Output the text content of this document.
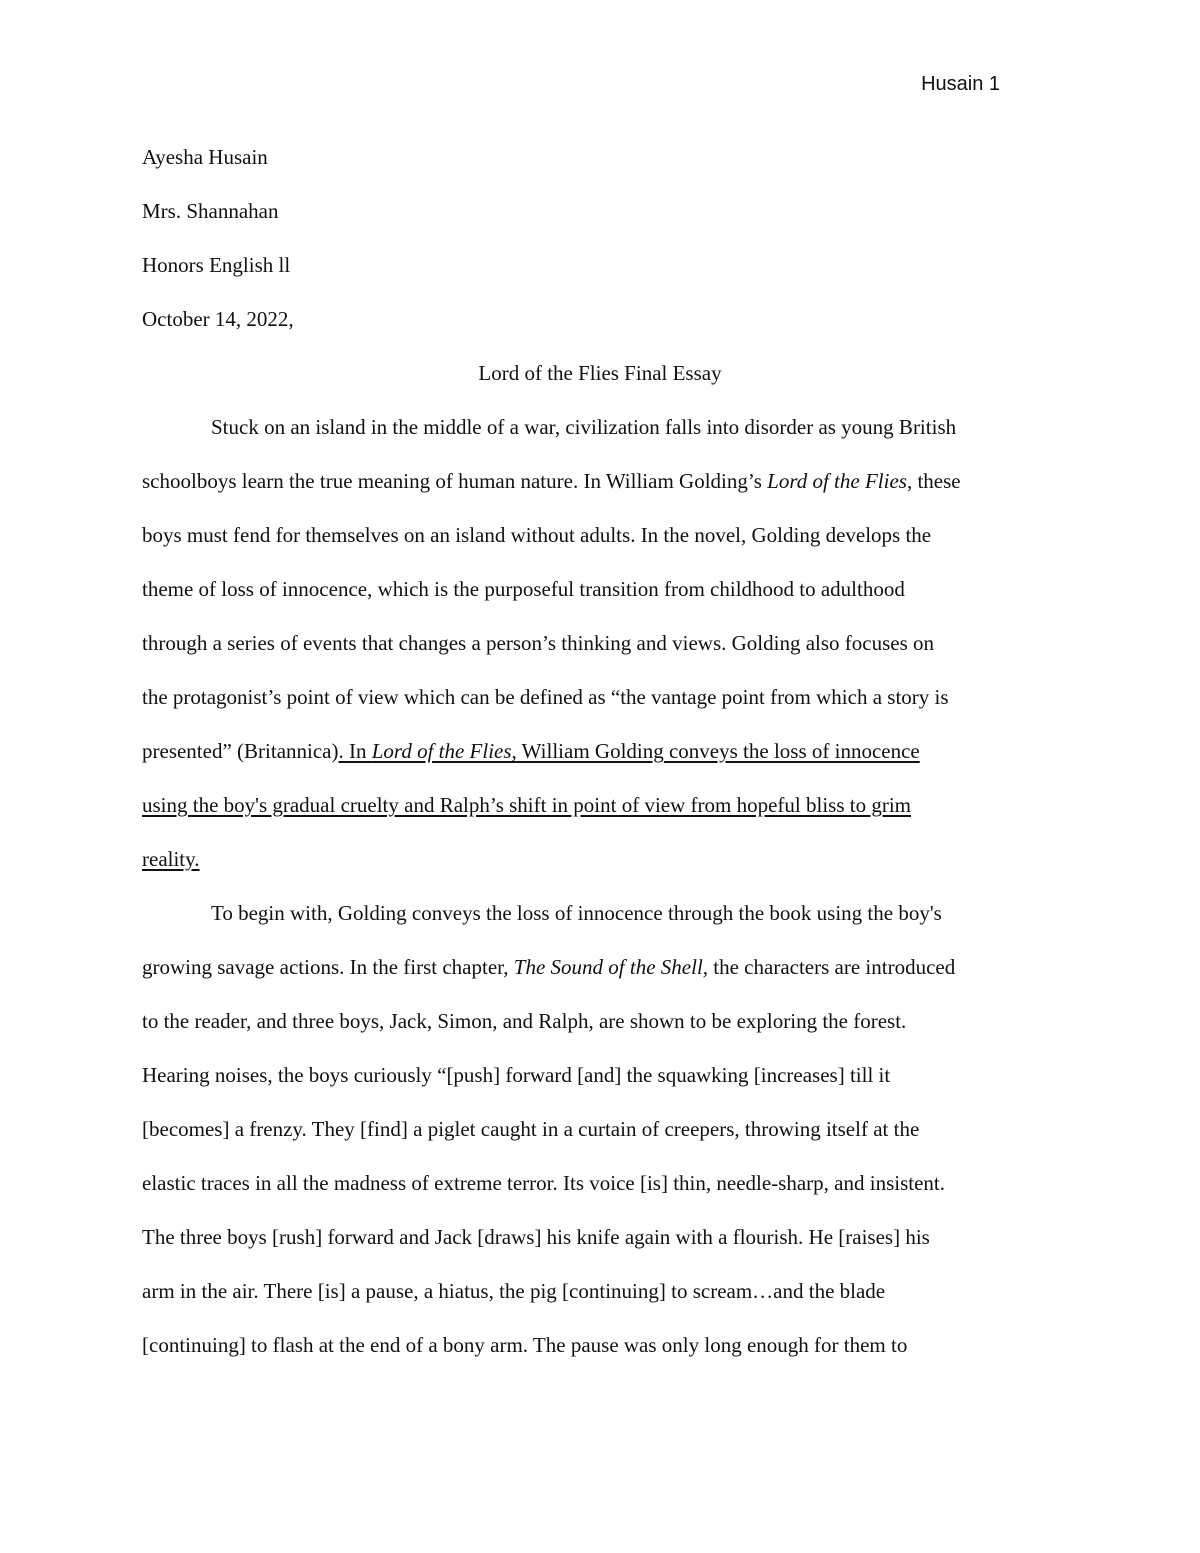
Husain 1
Ayesha Husain
Mrs. Shannahan
Honors English ll
October 14, 2022,
Lord of the Flies Final Essay
Stuck on an island in the middle of a war, civilization falls into disorder as young British
schoolboys learn the true meaning of human nature. In William Golding’s Lord of the Flies, these
boys must fend for themselves on an island without adults. In the novel, Golding develops the
theme of loss of innocence, which is the purposeful transition from childhood to adulthood
through a series of events that changes a person’s thinking and views. Golding also focuses on
the protagonist’s point of view which can be defined as “the vantage point from which a story is
presented” (Britannica). In Lord of the Flies, William Golding conveys the loss of innocence
using the boy's gradual cruelty and Ralph’s shift in point of view from hopeful bliss to grim
reality.
To begin with, Golding conveys the loss of innocence through the book using the boy's
growing savage actions. In the first chapter, The Sound of the Shell, the characters are introduced
to the reader, and three boys, Jack, Simon, and Ralph, are shown to be exploring the forest.
Hearing noises, the boys curiously “[push] forward [and] the squawking [increases] till it
[becomes] a frenzy. They [find] a piglet caught in a curtain of creepers, throwing itself at the
elastic traces in all the madness of extreme terror. Its voice [is] thin, needle-sharp, and insistent.
The three boys [rush] forward and Jack [draws] his knife again with a flourish. He [raises] his
arm in the air. There [is] a pause, a hiatus, the pig [continuing] to scream…and the blade
[continuing] to flash at the end of a bony arm. The pause was only long enough for them to
